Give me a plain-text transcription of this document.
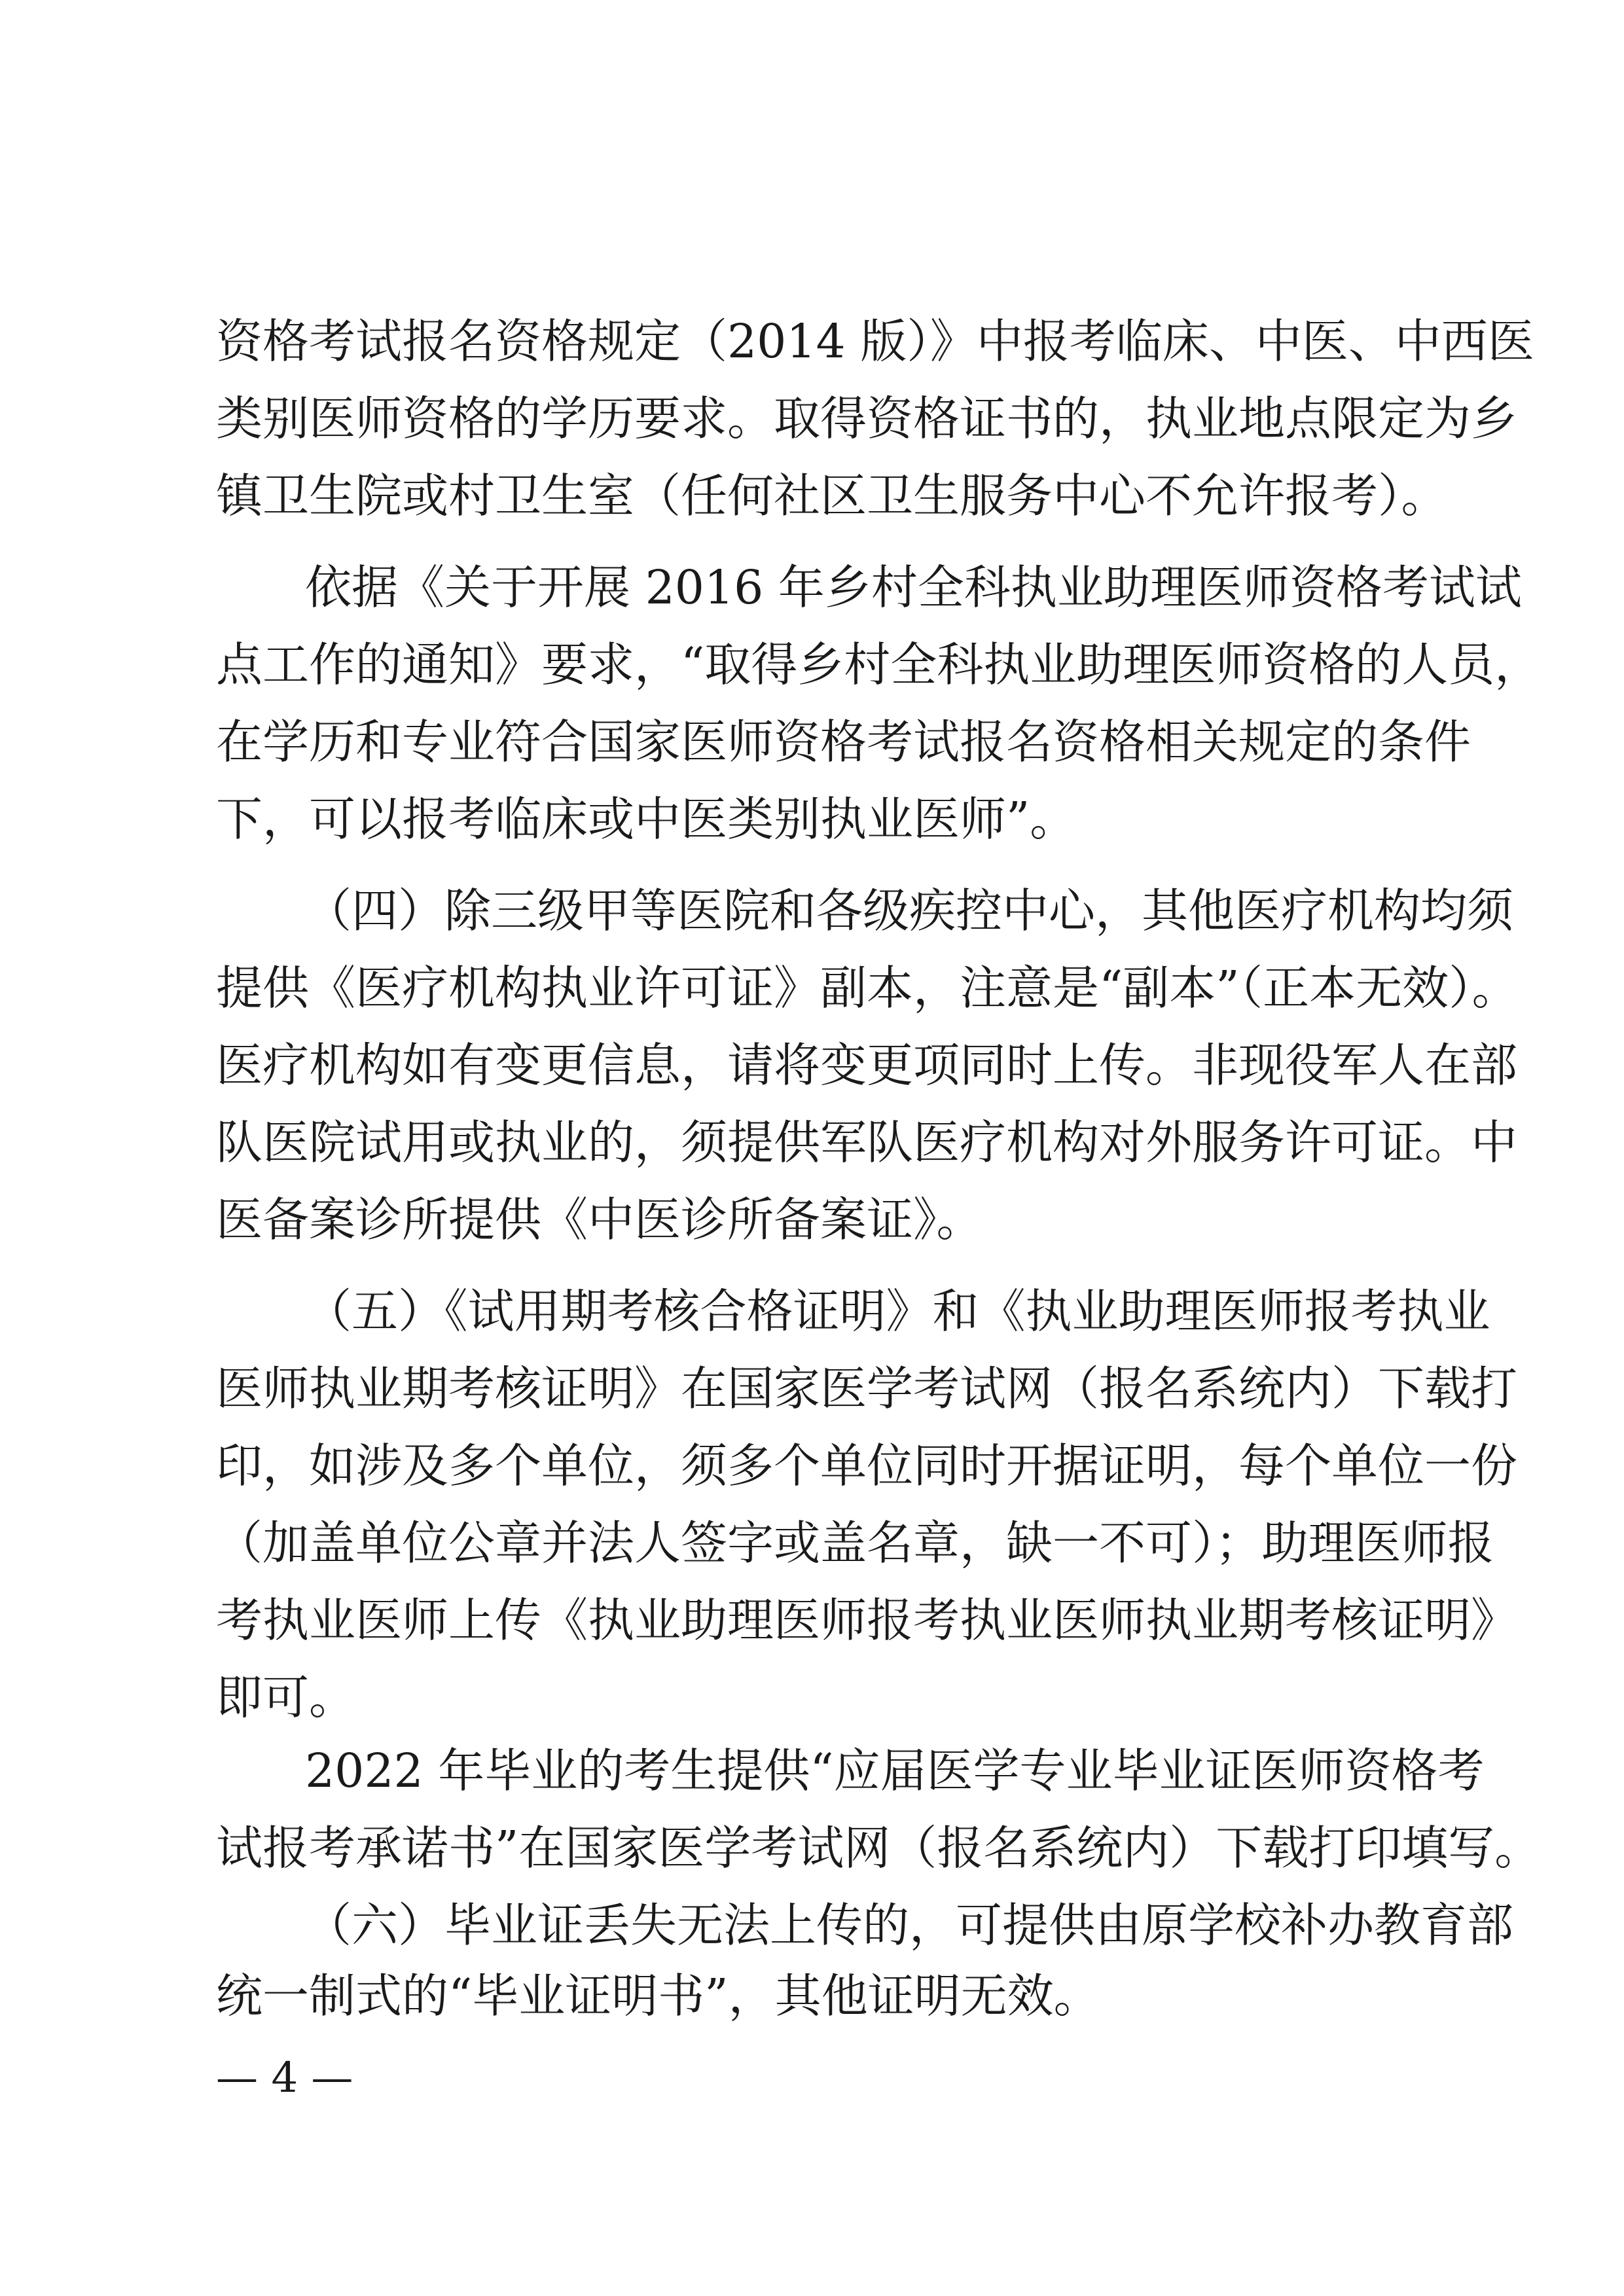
资格考试报名资格规定（2014 版）》中报考临床、中医、中西医
类别医师资格的学历要求。取得资格证书的，执业地点限定为乡
镇卫生院或村卫生室（任何社区卫生服务中心不允许报考）。
依据《关于开展 2016 年乡村全科执业助理医师资格考试试
点工作的通知》要求，“取得乡村全科执业助理医师资格的人员，
在学历和专业符合国家医师资格考试报名资格相关规定的条件
下，可以报考临床或中医类别执业医师”。
（四）除三级甲等医院和各级疾控中心，其他医疗机构均须
提供《医疗机构执业许可证》副本，注意是“副本”（正本无效）。
医疗机构如有变更信息，请将变更项同时上传。非现役军人在部
队医院试用或执业的，须提供军队医疗机构对外服务许可证。中
医备案诊所提供《中医诊所备案证》。
（五）《试用期考核合格证明》和《执业助理医师报考执业
医师执业期考核证明》在国家医学考试网（报名系统内）下载打
印，如涉及多个单位，须多个单位同时开据证明，每个单位一份
（加盖单位公章并法人签字或盖名章，缺一不可）；助理医师报
考执业医师上传《执业助理医师报考执业医师执业期考核证明》
即可。
2022 年毕业的考生提供“应届医学专业毕业证医师资格考
试报考承诺书”在国家医学考试网（报名系统内）下载打印填写。
（六）毕业证丢失无法上传的，可提供由原学校补办教育部
统一制式的“毕业证明书”，其他证明无效。
— 4 —
